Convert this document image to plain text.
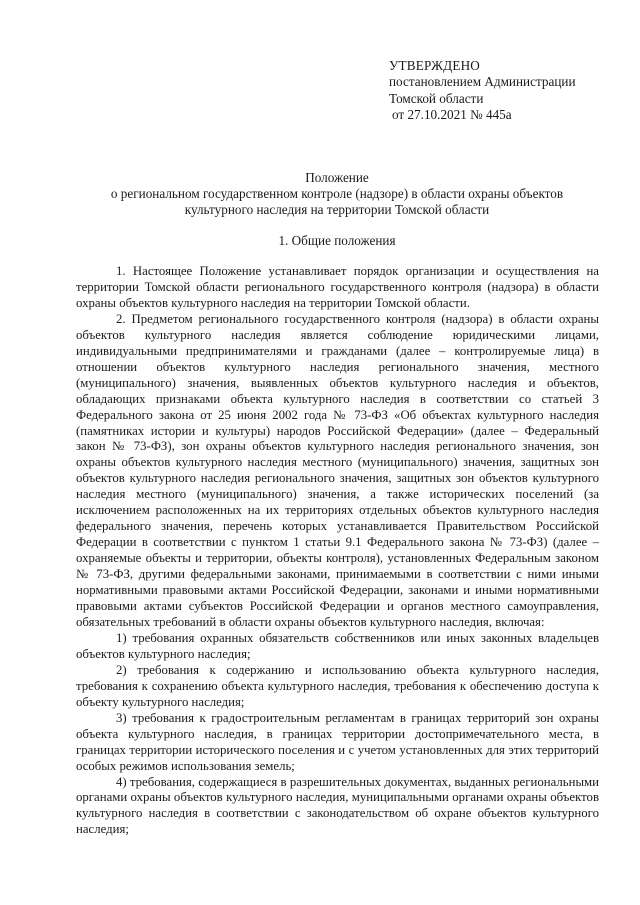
УТВЕРЖДЕНО
постановлением Администрации
Томской области
от 27.10.2021 № 445а
Положение
о региональном государственном контроле (надзоре) в области охраны объектов
культурного наследия на территории Томской области
1. Общие положения

1. Настоящее Положение устанавливает порядок организации и осуществления на территории Томской области регионального государственного контроля (надзора) в области охраны объектов культурного наследия на территории Томской области.

2. Предметом регионального государственного контроля (надзора) в области охраны объектов культурного наследия является соблюдение юридическими лицами, индивидуальными предпринимателями и гражданами (далее – контролируемые лица) в отношении объектов культурного наследия регионального значения, местного (муниципального) значения, выявленных объектов культурного наследия и объектов, обладающих признаками объекта культурного наследия в соответствии со статьей 3 Федерального закона от 25 июня 2002 года № 73-ФЗ «Об объектах культурного наследия (памятниках истории и культуры) народов Российской Федерации» (далее – Федеральный закон № 73-ФЗ), зон охраны объектов культурного наследия регионального значения, зон охраны объектов культурного наследия местного (муниципального) значения, защитных зон объектов культурного наследия регионального значения, защитных зон объектов культурного наследия местного (муниципального) значения, а также исторических поселений (за исключением расположенных на их территориях отдельных объектов культурного наследия федерального значения, перечень которых устанавливается Правительством Российской Федерации в соответствии с пунктом 1 статьи 9.1 Федерального закона № 73-ФЗ) (далее – охраняемые объекты и территории, объекты контроля), установленных Федеральным законом № 73-ФЗ, другими федеральными законами, принимаемыми в соответствии с ними иными нормативными правовыми актами Российской Федерации, законами и иными нормативными правовыми актами субъектов Российской Федерации и органов местного самоуправления, обязательных требований в области охраны объектов культурного наследия, включая:

1) требования охранных обязательств собственников или иных законных владельцев объектов культурного наследия;

2) требования к содержанию и использованию объекта культурного наследия, требования к сохранению объекта культурного наследия, требования к обеспечению доступа к объекту культурного наследия;

3) требования к градостроительным регламентам в границах территорий зон охраны объекта культурного наследия, в границах территории достопримечательного места, в границах территории исторического поселения и с учетом установленных для этих территорий особых режимов использования земель;

4) требования, содержащиеся в разрешительных документах, выданных региональными органами охраны объектов культурного наследия, муниципальными органами охраны объектов культурного наследия в соответствии с законодательством об охране объектов культурного наследия;
